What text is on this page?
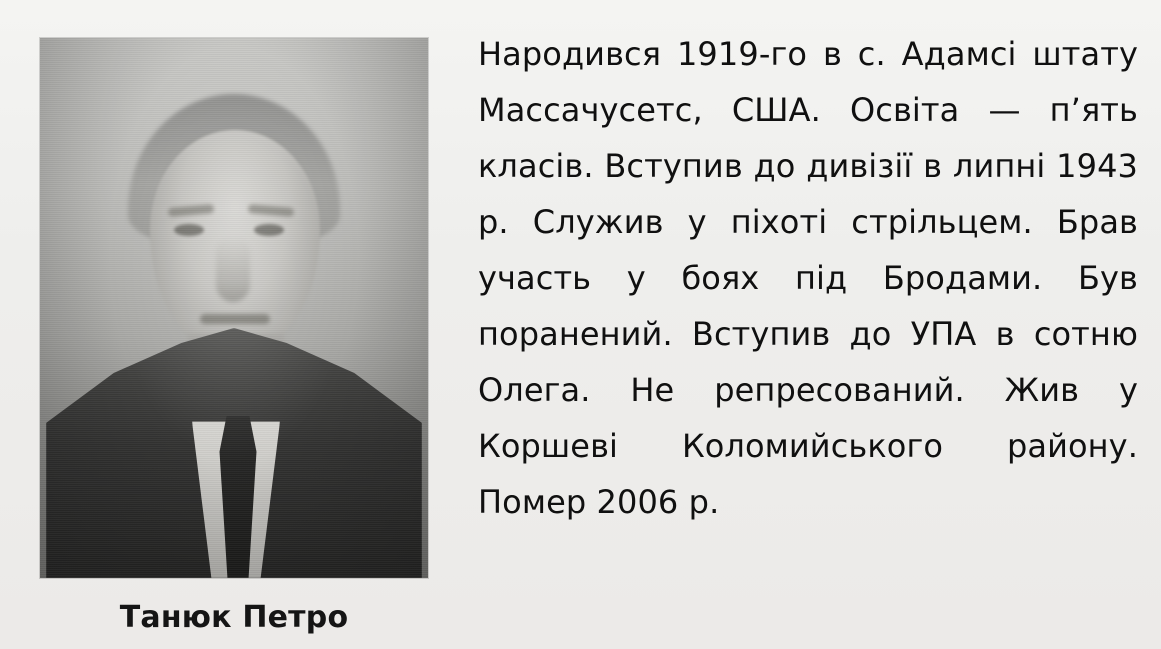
Танюк Петро

Народився 1919-го в с. Адамсі штату Массачусетс, США. Освіта — п’ять класів. Вступив до дивізії в липні 1943 р. Служив у піхоті стрільцем. Брав участь у боях під Бродами. Був поранений. Вступив до УПА в сотню Олега. Не репресований. Жив у Коршеві Коломийського району. Помер 2006 р.
